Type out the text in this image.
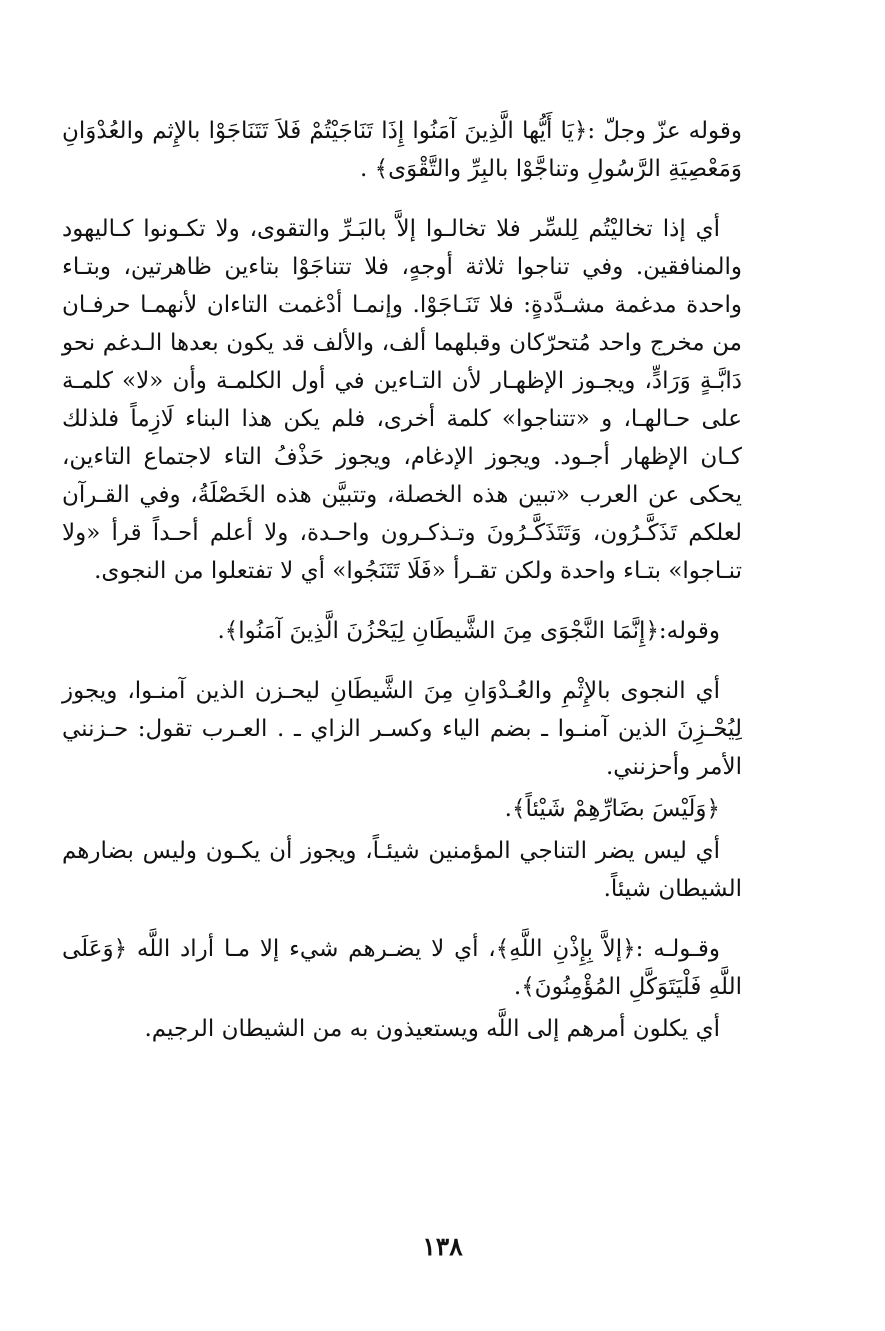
وقوله عزّ وجلّ :﴿يَا أَيُّها الَّذِينَ آمَنُوا إِذَا تَنَاجَيْتُمْ فَلاَ تَتَنَاجَوْا بالإِثم والعُدْوَانِ وَمَعْصِيَةِ الرَّسُولِ وتناجَّوْا بالبِرِّ والتَّقْوَى﴾ .

أي إذا تخاليْتُم لِلسِّر فلا تخالـوا إلاَّ بالبَـرِّ والتقوى، ولا تكـونوا كـاليهود والمنافقين. وفي تناجوا ثلاثة أوجهٍ، فلا تتناجَوْا بتاءين ظاهرتين، وبتـاء واحدة مدغمة مشـدَّدةٍ: فلا تَنَـاجَوْا. وإنمـا أدْغمت التاءان لأنهمـا حرفـان من مخرج واحد مُتحرّكان وقبلهما ألف، والألف قد يكون بعدها الـدغم نحو دَابَّـةٍ وَرَادٍّ، ويجـوز الإظهـار لأن التـاءين في أول الكلمـة وأن «لا» كلمـة على حـالهـا، و «تتناجوا» كلمة أخرى، فلم يكن هذا البناء لَازِماً فلذلك كـان الإظهار أجـود. ويجوز الإدغام، ويجوز حَذْفُ التاء لاجتماع التاءين، يحكى عن العرب «تبين هذه الخصلة، وتتبيَّن هذه الخَصْلَةُ، وفي القـرآن لعلكم تَذَكَّـرُون، وَتَتَذَكَّـرُونَ وتـذكـرون واحـدة، ولا أعلم أحـداً قرأ «ولا تنـاجوا» بتـاء واحدة ولكن تقـرأ «فَلَا تَتَنَجُوا» أي لا تفتعلوا من النجوى.

وقوله:﴿إِنَّمَا النَّجْوَى مِنَ الشَّيطَانِ لِيَحْزُنَ الَّذِينَ آمَنُوا﴾.

أي النجوى بالإِثْمِ والعُـدْوَانِ مِنَ الشَّيطَانِ ليحـزن الذين آمنـوا، ويجوز لِيُحْـزِنَ الذين آمنـوا ـ بضم الياء وكسـر الزاي ـ . العـرب تقول: حـزنني الأمر وأحزنني.

﴿وَلَيْسَ بضَارِّهِمْ شَيْئاً﴾.

أي ليس يضر التناجي المؤمنين شيئـاً، ويجوز أن يكـون وليس بضارهم الشيطان شيئاً.

وقـولـه :﴿إلاَّ بِإِذْنِ اللَّهِ﴾، أي لا يضـرهم شيء إلا مـا أراد اللَّه ﴿وَعَلَى اللَّهِ فَلْيَتَوَكَّلِ المُؤْمِنُونَ﴾.

أي يكلون أمرهم إلى اللَّه ويستعيذون به من الشيطان الرجيم.

١٣٨
